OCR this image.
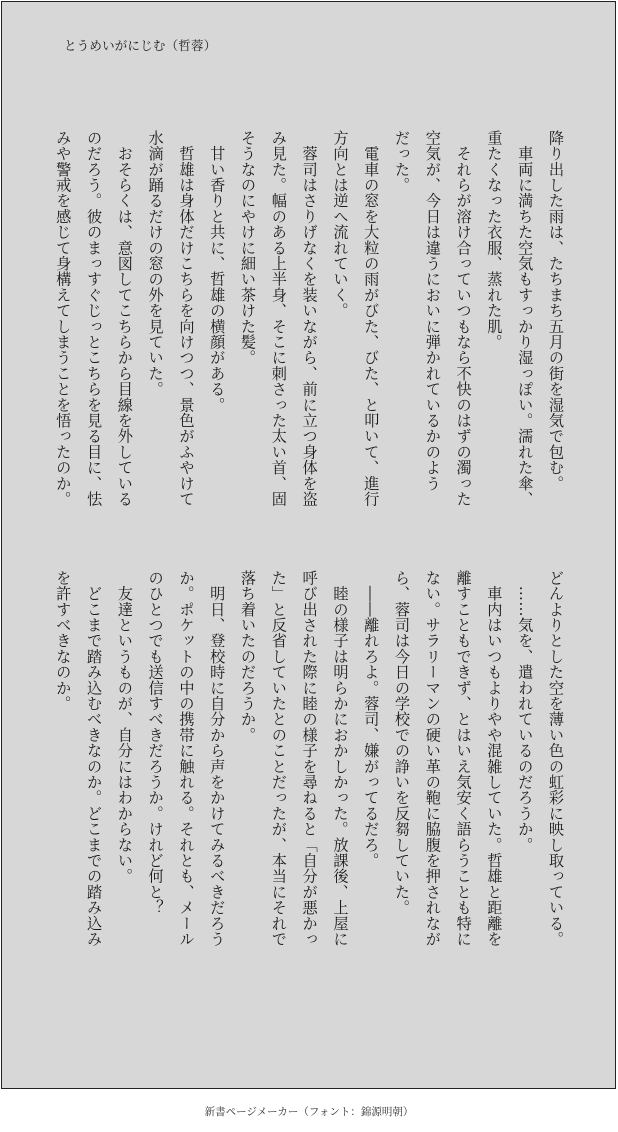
とうめいがにじむ（哲蓉）
降り出した雨は、たちまち五月の街を湿気で包む。
　車両に満ちた空気もすっかり湿っぽい。濡れた傘、
重たくなった衣服、蒸れた肌。
　それらが溶け合っていつもなら不快のはずの濁った
空気が、今日は違うにおいに弾かれているかのよう
だった。
　電車の窓を大粒の雨がびた、びた、と叩いて、進行
方向とは逆へ流れていく。
　蓉司はさりげなくを装いながら、前に立つ身体を盗
み見た。幅のある上半身、そこに刺さった太い首、固
そうなのにやけに細い茶けた髪。
　甘い香りと共に、哲雄の横顔がある。
　哲雄は身体だけこちらを向けつつ、景色がふやけて
水滴が踊るだけの窓の外を見ていた。
　おそらくは、意図してこちらから目線を外している
のだろう。彼のまっすぐじっとこちらを見る目に、怯
みや警戒を感じて身構えてしまうことを悟ったのか。
どんよりとした空を薄い色の虹彩に映し取っている。
　……気を、遣われているのだろうか。
　車内はいつもよりやや混雑していた。哲雄と距離を
離すこともできず、とはいえ気安く語らうことも特に
ない。サラリーマンの硬い革の鞄に脇腹を押されなが
ら、蓉司は今日の学校での諍いを反芻していた。
　――離れろよ。蓉司、嫌がってるだろ。
　睦の様子は明らかにおかしかった。放課後、上屋に
呼び出された際に睦の様子を尋ねると「自分が悪かっ
た」と反省していたとのことだったが、本当にそれで
落ち着いたのだろうか。
　明日、登校時に自分から声をかけてみるべきだろう
か。ポケットの中の携帯に触れる。それとも、メール
のひとつでも送信すべきだろうか。けれど何と？
　友達というものが、自分にはわからない。
　どこまで踏み込むべきなのか。どこまでの踏み込み
を許すべきなのか。
新書ページメーカー（フォント：錦源明朝）
